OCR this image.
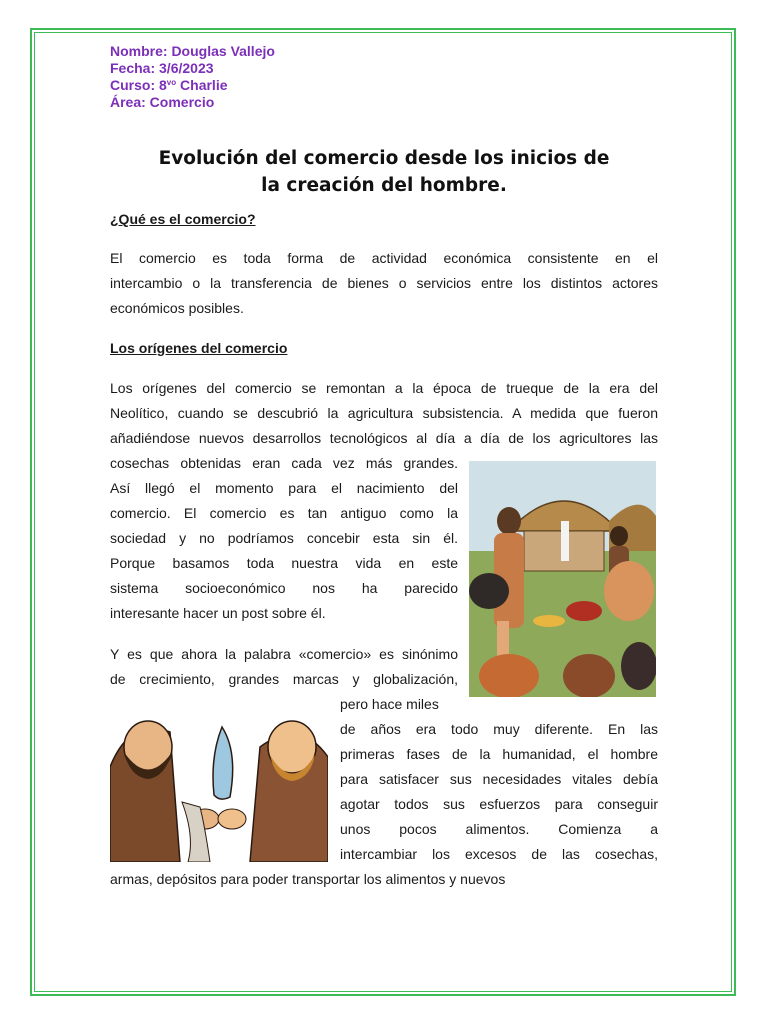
Nombre: Douglas Vallejo
Fecha: 3/6/2023
Curso: $8^{vo}$ Charlie
Área: Comercio
Evolución del comercio desde los inicios de
la creación del hombre.
¿Qué es el comercio?
El comercio es toda forma de actividad económica consistente en el
intercambio o la transferencia de bienes o servicios entre los distintos actores
económicos posibles.
Los orígenes del comercio
Los orígenes del comercio se remontan a la época de trueque de la era del
Neolítico, cuando se descubrió la agricultura subsistencia. A medida que fueron
añadiéndose nuevos desarrollos tecnológicos al día a día de los agricultores las
cosechas obtenidas eran cada vez más grandes.
Así llegó el momento para el nacimiento del
comercio. El comercio es tan antiguo como la
sociedad y no podríamos concebir esta sin él.
Porque basamos toda nuestra vida en este
sistema socioeconómico nos ha parecido
interesante hacer un post sobre él.
Y es que ahora la palabra «comercio» es sinónimo
de crecimiento, grandes marcas y globalización,
pero hace miles
de años era todo muy diferente. En las
primeras fases de la humanidad, el hombre
para satisfacer sus necesidades vitales debía
agotar todos sus esfuerzos para conseguir
unos pocos alimentos. Comienza a
intercambiar los excesos de las cosechas,
armas, depósitos para poder transportar los alimentos y nuevos
